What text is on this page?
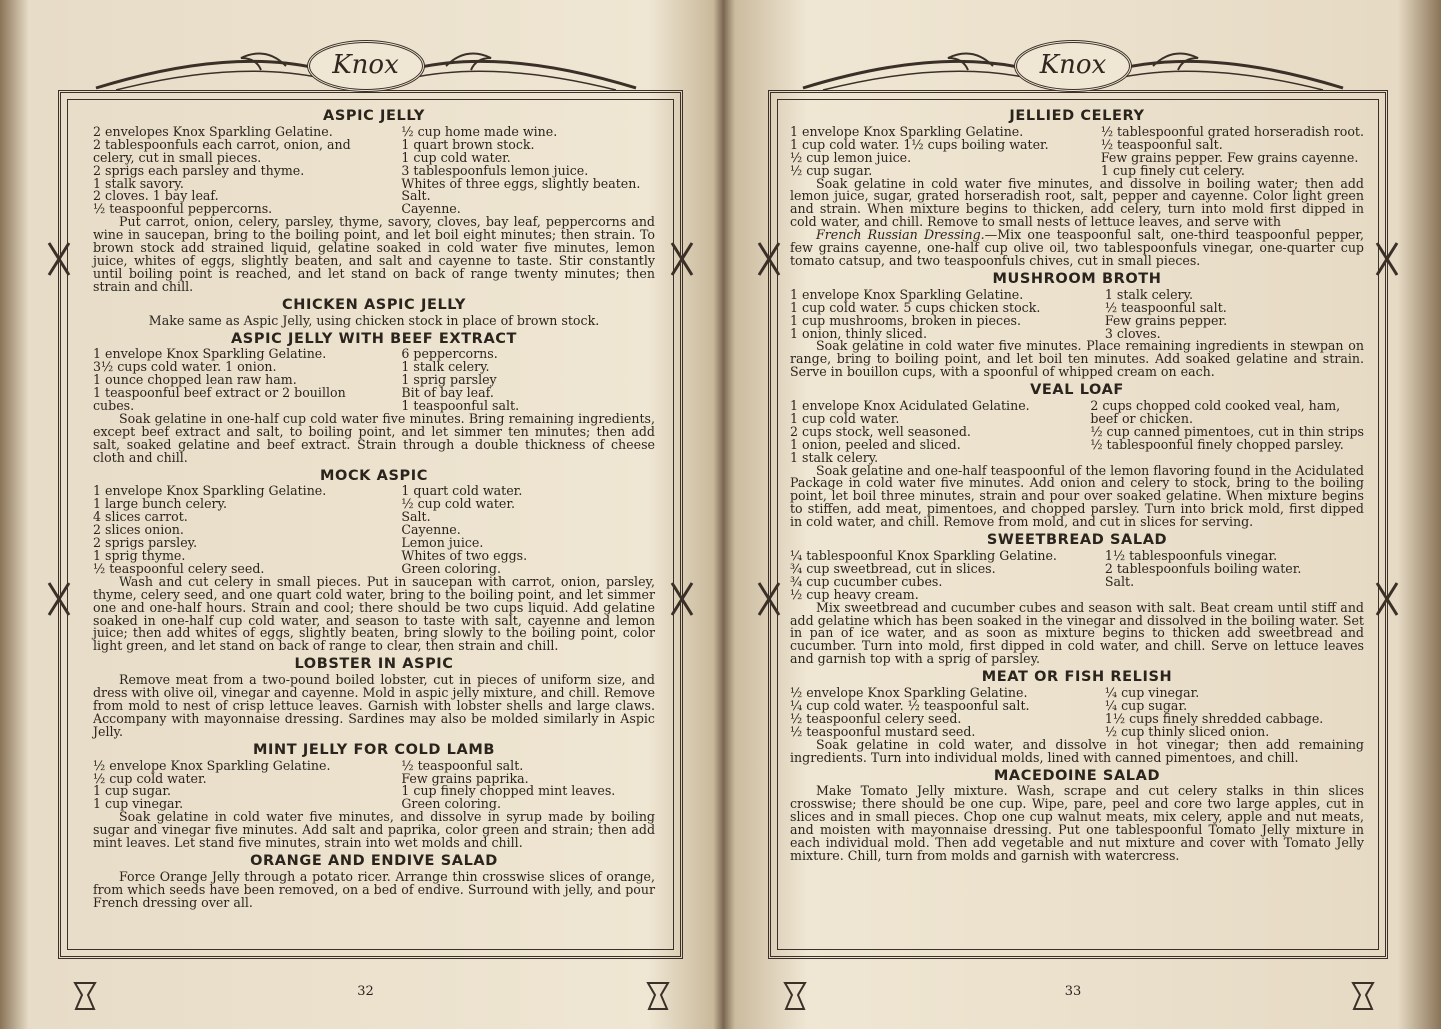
Knox
ASPIC JELLY
2 envelopes Knox Sparkling Gelatine.
2 tablespoonfuls each carrot, onion, and
celery, cut in small pieces.
2 sprigs each parsley and thyme.
1 stalk savory.
2 cloves. 1 bay leaf.
½ teaspoonful peppercorns.
½ cup home made wine.
1 quart brown stock.
1 cup cold water.
3 tablespoonfuls lemon juice.
Whites of three eggs, slightly beaten.
Salt.
Cayenne.

Put carrot, onion, celery, parsley, thyme, savory, cloves, bay leaf, peppercorns and wine in saucepan, bring to the boiling point, and let boil eight minutes; then strain. To brown stock add strained liquid, gelatine soaked in cold water five minutes, lemon juice, whites of eggs, slightly beaten, and salt and cayenne to taste. Stir constantly until boiling point is reached, and let stand on back of range twenty minutes; then strain and chill.

CHICKEN ASPIC JELLY

Make same as Aspic Jelly, using chicken stock in place of brown stock.

ASPIC JELLY WITH BEEF EXTRACT
1 envelope Knox Sparkling Gelatine.
3½ cups cold water. 1 onion.
1 ounce chopped lean raw ham.
1 teaspoonful beef extract or 2 bouillon
cubes.
6 peppercorns.
1 stalk celery.
1 sprig parsley
Bit of bay leaf.
1 teaspoonful salt.

Soak gelatine in one-half cup cold water five minutes. Bring remaining ingredients, except beef extract and salt, to boiling point, and let simmer ten minutes; then add salt, soaked gelatine and beef extract. Strain through a double thickness of cheese cloth and chill.

MOCK ASPIC
1 envelope Knox Sparkling Gelatine.
1 large bunch celery.
4 slices carrot.
2 slices onion.
2 sprigs parsley.
1 sprig thyme.
½ teaspoonful celery seed.
1 quart cold water.
½ cup cold water.
Salt.
Cayenne.
Lemon juice.
Whites of two eggs.
Green coloring.

Wash and cut celery in small pieces. Put in saucepan with carrot, onion, parsley, thyme, celery seed, and one quart cold water, bring to the boiling point, and let simmer one and one-half hours. Strain and cool; there should be two cups liquid. Add gelatine soaked in one-half cup cold water, and season to taste with salt, cayenne and lemon juice; then add whites of eggs, slightly beaten, bring slowly to the boiling point, color light green, and let stand on back of range to clear, then strain and chill.

LOBSTER IN ASPIC

Remove meat from a two-pound boiled lobster, cut in pieces of uniform size, and dress with olive oil, vinegar and cayenne. Mold in aspic jelly mixture, and chill. Remove from mold to nest of crisp lettuce leaves. Garnish with lobster shells and large claws. Accompany with mayonnaise dressing. Sardines may also be molded similarly in Aspic Jelly.

MINT JELLY FOR COLD LAMB
½ envelope Knox Sparkling Gelatine.
½ cup cold water.
1 cup sugar.
1 cup vinegar.
½ teaspoonful salt.
Few grains paprika.
1 cup finely chopped mint leaves.
Green coloring.

Soak gelatine in cold water five minutes, and dissolve in syrup made by boiling sugar and vinegar five minutes. Add salt and paprika, color green and strain; then add mint leaves. Let stand five minutes, strain into wet molds and chill.

ORANGE AND ENDIVE SALAD

Force Orange Jelly through a potato ricer. Arrange thin crosswise slices of orange, from which seeds have been removed, on a bed of endive. Surround with jelly, and pour French dressing over all.

32
Knox
JELLIED CELERY
1 envelope Knox Sparkling Gelatine.
1 cup cold water. 1½ cups boiling water.
½ cup lemon juice.
½ cup sugar.
½ tablespoonful grated horseradish root.
½ teaspoonful salt.
Few grains pepper. Few grains cayenne.
1 cup finely cut celery.

Soak gelatine in cold water five minutes, and dissolve in boiling water; then add lemon juice, sugar, grated horseradish root, salt, pepper and cayenne. Color light green and strain. When mixture begins to thicken, add celery, turn into mold first dipped in cold water, and chill. Remove to small nests of lettuce leaves, and serve with

French Russian Dressing.—Mix one teaspoonful salt, one-third teaspoonful pepper, few grains cayenne, one-half cup olive oil, two tablespoonfuls vinegar, one-quarter cup tomato catsup, and two teaspoonfuls chives, cut in small pieces.

MUSHROOM BROTH
1 envelope Knox Sparkling Gelatine.
1 cup cold water. 5 cups chicken stock.
1 cup mushrooms, broken in pieces.
1 onion, thinly sliced.
1 stalk celery.
½ teaspoonful salt.
Few grains pepper.
3 cloves.

Soak gelatine in cold water five minutes. Place remaining ingredients in stewpan on range, bring to boiling point, and let boil ten minutes. Add soaked gelatine and strain. Serve in bouillon cups, with a spoonful of whipped cream on each.

VEAL LOAF
1 envelope Knox Acidulated Gelatine.
1 cup cold water.
2 cups stock, well seasoned.
1 onion, peeled and sliced.
1 stalk celery.
2 cups chopped cold cooked veal, ham,
beef or chicken.
½ cup canned pimentoes, cut in thin strips
½ tablespoonful finely chopped parsley.

Soak gelatine and one-half teaspoonful of the lemon flavoring found in the Acidulated Package in cold water five minutes. Add onion and celery to stock, bring to the boiling point, let boil three minutes, strain and pour over soaked gelatine. When mixture begins to stiffen, add meat, pimentoes, and chopped parsley. Turn into brick mold, first dipped in cold water, and chill. Remove from mold, and cut in slices for serving.

SWEETBREAD SALAD
¼ tablespoonful Knox Sparkling Gelatine.
¾ cup sweetbread, cut in slices.
¾ cup cucumber cubes.
½ cup heavy cream.
1½ tablespoonfuls vinegar.
2 tablespoonfuls boiling water.
Salt.

Mix sweetbread and cucumber cubes and season with salt. Beat cream until stiff and add gelatine which has been soaked in the vinegar and dissolved in the boiling water. Set in pan of ice water, and as soon as mixture begins to thicken add sweetbread and cucumber. Turn into mold, first dipped in cold water, and chill. Serve on lettuce leaves and garnish top with a sprig of parsley.

MEAT OR FISH RELISH
½ envelope Knox Sparkling Gelatine.
¼ cup cold water. ½ teaspoonful salt.
½ teaspoonful celery seed.
½ teaspoonful mustard seed.
¼ cup vinegar.
¼ cup sugar.
1½ cups finely shredded cabbage.
½ cup thinly sliced onion.

Soak gelatine in cold water, and dissolve in hot vinegar; then add remaining ingredients. Turn into individual molds, lined with canned pimentoes, and chill.

MACEDOINE SALAD

Make Tomato Jelly mixture. Wash, scrape and cut celery stalks in thin slices crosswise; there should be one cup. Wipe, pare, peel and core two large apples, cut in slices and in small pieces. Chop one cup walnut meats, mix celery, apple and nut meats, and moisten with mayonnaise dressing. Put one tablespoonful Tomato Jelly mixture in each individual mold. Then add vegetable and nut mixture and cover with Tomato Jelly mixture. Chill, turn from molds and garnish with watercress.

33
